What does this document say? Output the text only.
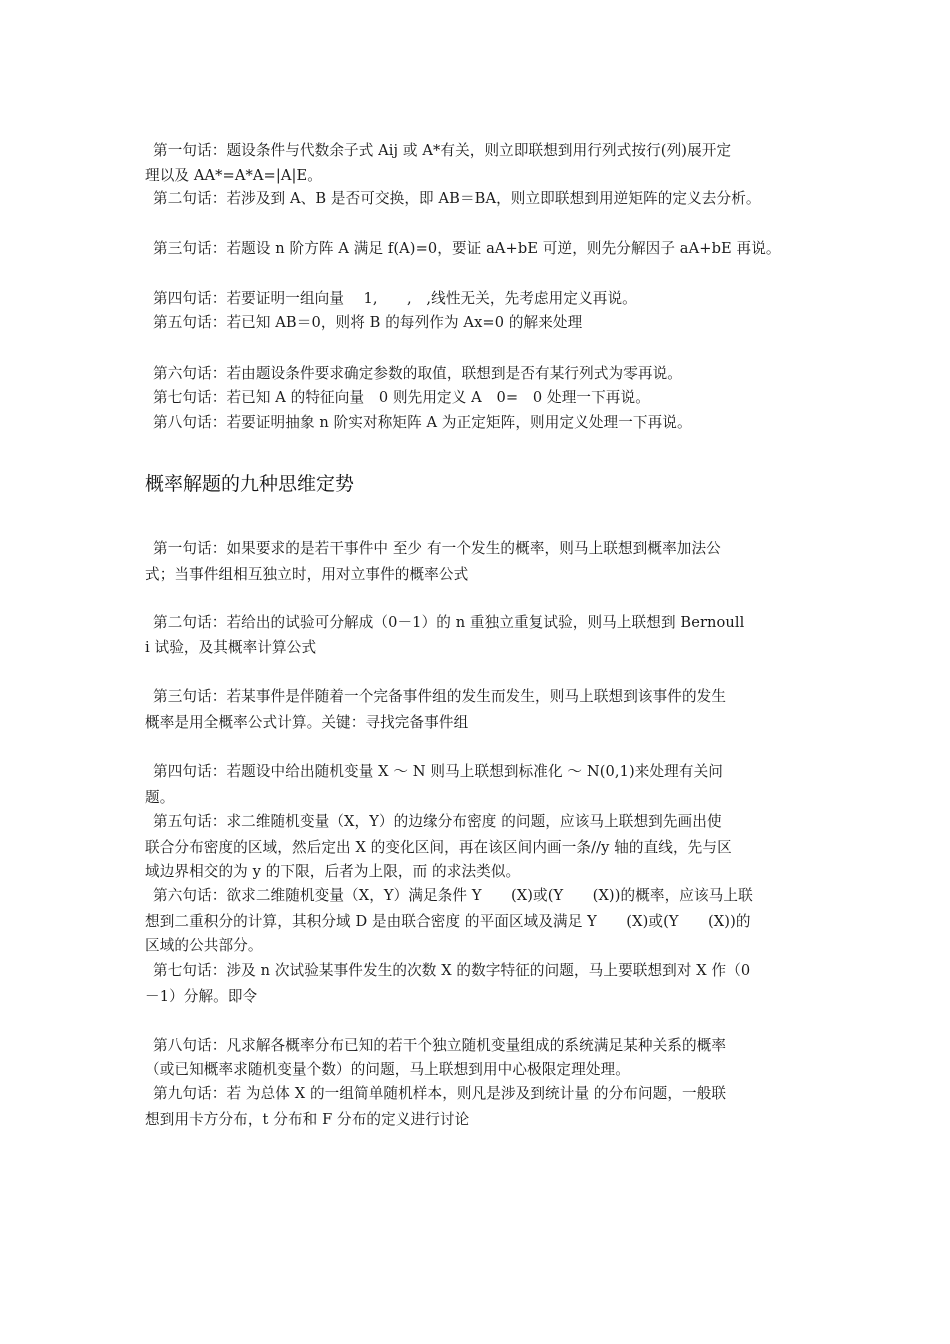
第一句话：题设条件与代数余子式 Aij 或 A*有关，则立即联想到用行列式按行(列)展开定
理以及 AA*=A*A=|A|E。
第二句话：若涉及到 A、B 是否可交换，即 AB＝BA，则立即联想到用逆矩阵的定义去分析。
第三句话：若题设 n 阶方阵 A 满足 f(A)=0，要证 aA+bE 可逆，则先分解因子 aA+bE 再说。
第四句话：若要证明一组向量　 1,　　,　,线性无关，先考虑用定义再说。
第五句话：若已知 AB＝0，则将 B 的每列作为 Ax=0 的解来处理
第六句话：若由题设条件要求确定参数的取值，联想到是否有某行列式为零再说。
第七句话：若已知 A 的特征向量　0 则先用定义 A　0=　0 处理一下再说。
第八句话：若要证明抽象 n 阶实对称矩阵 A 为正定矩阵，则用定义处理一下再说。
概率解题的九种思维定势
第一句话：如果要求的是若干事件中 至少 有一个发生的概率，则马上联想到概率加法公
式；当事件组相互独立时，用对立事件的概率公式
第二句话：若给出的试验可分解成（0－1）的 n 重独立重复试验，则马上联想到 Bernoull
i 试验，及其概率计算公式
第三句话：若某事件是伴随着一个完备事件组的发生而发生，则马上联想到该事件的发生
概率是用全概率公式计算。关键：寻找完备事件组
第四句话：若题设中给出随机变量 X ～ N 则马上联想到标准化 ～ N(0,1)来处理有关问
题。
第五句话：求二维随机变量（X，Y）的边缘分布密度 的问题，应该马上联想到先画出使
联合分布密度的区域，然后定出 X 的变化区间，再在该区间内画一条//y 轴的直线，先与区
域边界相交的为 y 的下限，后者为上限，而 的求法类似。
第六句话：欲求二维随机变量（X，Y）满足条件 Y　　(X)或(Y　　(X))的概率，应该马上联
想到二重积分的计算，其积分域 D 是由联合密度 的平面区域及满足 Y　　(X)或(Y　　(X))的
区域的公共部分。
第七句话：涉及 n 次试验某事件发生的次数 X 的数字特征的问题，马上要联想到对 X 作（0
－1）分解。即令
第八句话：凡求解各概率分布已知的若干个独立随机变量组成的系统满足某种关系的概率
（或已知概率求随机变量个数）的问题，马上联想到用中心极限定理处理。
第九句话：若 为总体 X 的一组简单随机样本，则凡是涉及到统计量 的分布问题，一般联
想到用卡方分布，t 分布和 F 分布的定义进行讨论
